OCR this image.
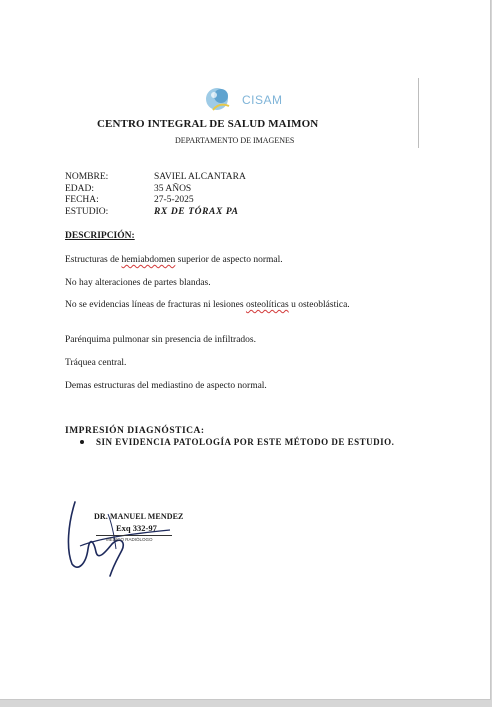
CISAM
CENTRO INTEGRAL DE SALUD MAIMON
DEPARTAMENTO DE IMAGENES
NOMBRE:	SAVIEL ALCANTARA
EDAD:	35 AÑOS
FECHA:	27-5-2025
ESTUDIO:	RX DE TÓRAX PA
DESCRIPCIÓN:
Estructuras de hemiabdomen superior de aspecto normal.
No hay alteraciones de partes blandas.
No se evidencias líneas de fracturas ni lesiones osteolíticas u osteoblástica.
Parénquima pulmonar sin presencia de infiltrados.
Tráquea central.
Demas estructuras del mediastino de aspecto normal.
IMPRESIÓN DIAGNÓSTICA:
SIN EVIDENCIA PATOLOGÍA POR ESTE MÉTODO DE ESTUDIO.
DR. MANUEL MENDEZ
Exq 332-97
MÉDICO RADIÓLOGO
